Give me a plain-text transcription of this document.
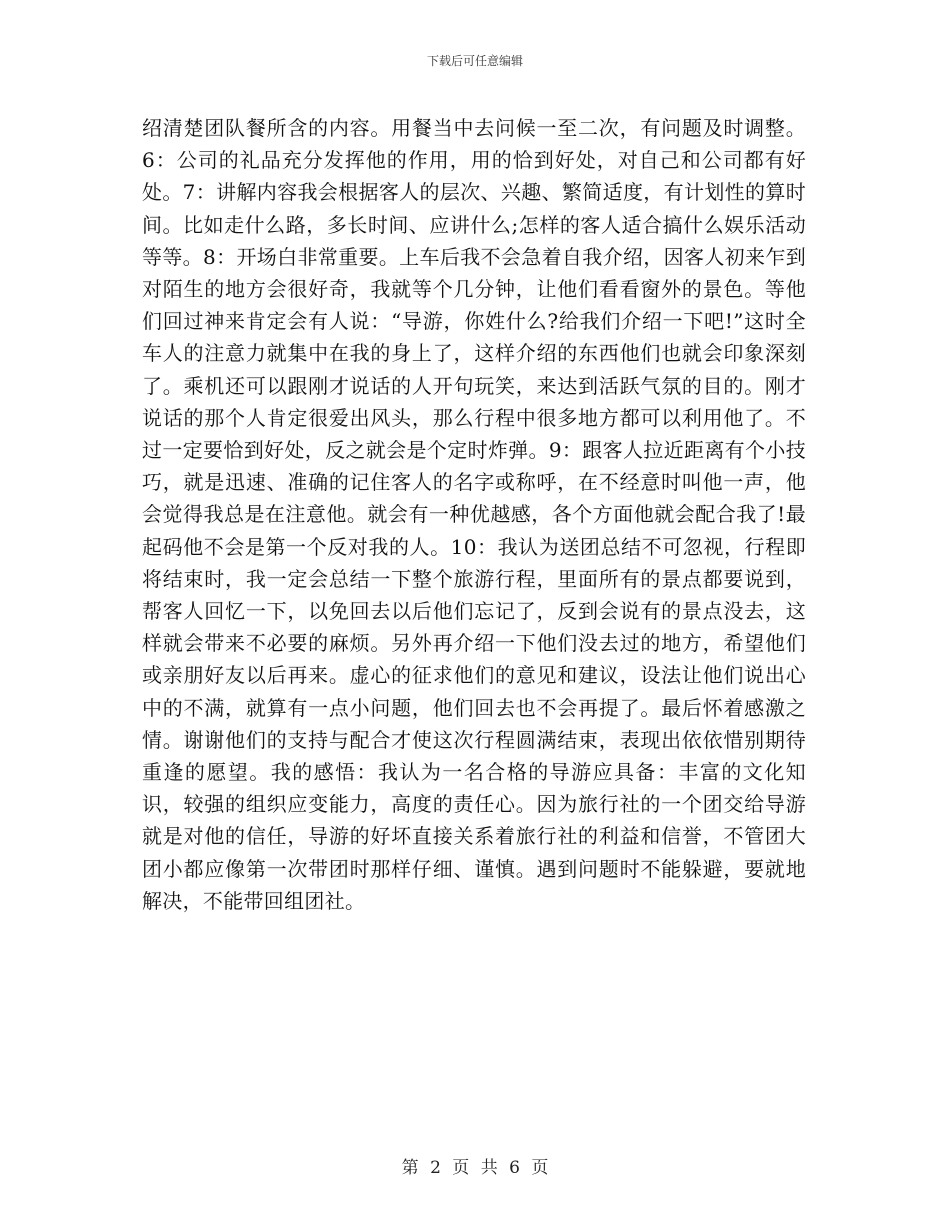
下载后可任意编辑

绍清楚团队餐所含的内容。用餐当中去问候一至二次，有问题及时调整。6：公司的礼品充分发挥他的作用，用的恰到好处，对自己和公司都有好处。7：讲解内容我会根据客人的层次、兴趣、繁简适度，有计划性的算时间。比如走什么路，多长时间、应讲什么;怎样的客人适合搞什么娱乐活动等等。8：开场白非常重要。上车后我不会急着自我介绍，因客人初来乍到对陌生的地方会很好奇，我就等个几分钟，让他们看看窗外的景色。等他们回过神来肯定会有人说：“导游，你姓什么?给我们介绍一下吧!”这时全车人的注意力就集中在我的身上了，这样介绍的东西他们也就会印象深刻了。乘机还可以跟刚才说话的人开句玩笑，来达到活跃气氛的目的。刚才说话的那个人肯定很爱出风头，那么行程中很多地方都可以利用他了。不过一定要恰到好处，反之就会是个定时炸弹。9：跟客人拉近距离有个小技巧，就是迅速、准确的记住客人的名字或称呼，在不经意时叫他一声，他会觉得我总是在注意他。就会有一种优越感，各个方面他就会配合我了!最起码他不会是第一个反对我的人。10：我认为送团总结不可忽视，行程即将结束时，我一定会总结一下整个旅游行程，里面所有的景点都要说到，帮客人回忆一下，以免回去以后他们忘记了，反到会说有的景点没去，这样就会带来不必要的麻烦。另外再介绍一下他们没去过的地方，希望他们或亲朋好友以后再来。虚心的征求他们的意见和建议，设法让他们说出心中的不满，就算有一点小问题，他们回去也不会再提了。最后怀着感激之情。谢谢他们的支持与配合才使这次行程圆满结束，表现出依依惜别期待重逢的愿望。我的感悟：我认为一名合格的导游应具备：丰富的文化知识，较强的组织应变能力，高度的责任心。因为旅行社的一个团交给导游就是对他的信任，导游的好坏直接关系着旅行社的利益和信誉，不管团大团小都应像第一次带团时那样仔细、谨慎。遇到问题时不能躲避，要就地解决，不能带回组团社。

第 2 页 共 6 页
